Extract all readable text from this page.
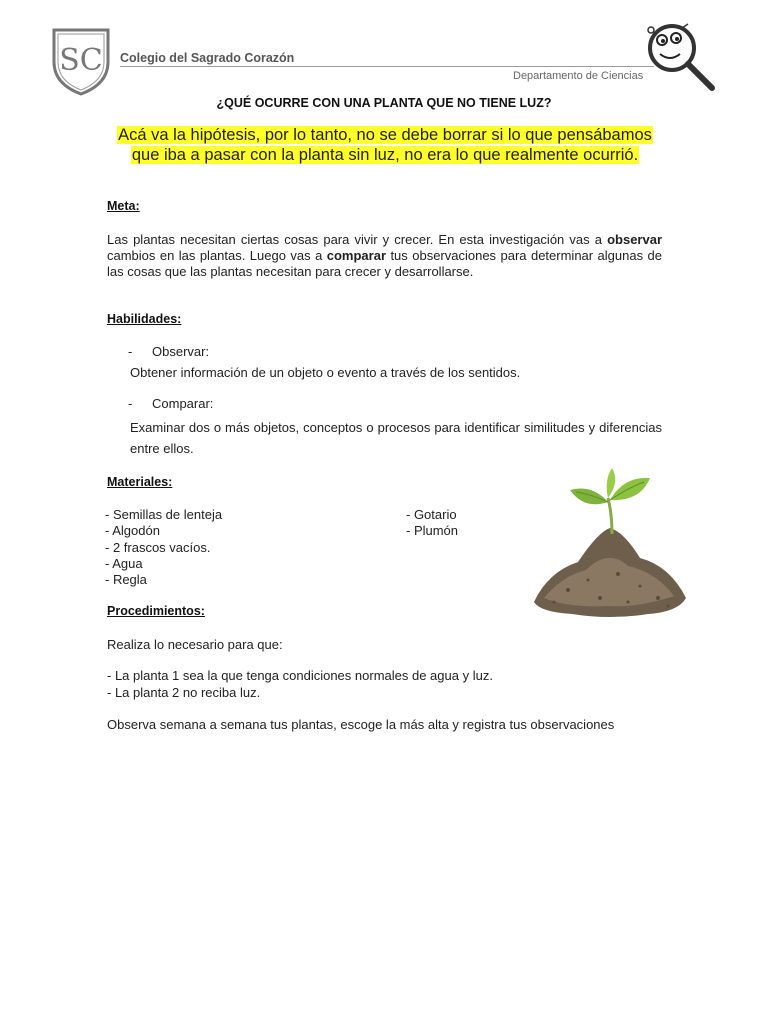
SC Colegio del Sagrado Corazón
Departamento de Ciencias
¿QUÉ OCURRE CON UNA PLANTA QUE NO TIENE LUZ?
Acá va la hipótesis, por lo tanto, no se debe borrar si lo que pensábamos que iba a pasar con la planta sin luz, no era lo que realmente ocurrió.
Meta:
Las plantas necesitan ciertas cosas para vivir y crecer. En esta investigación vas a observar cambios en las plantas. Luego vas a comparar tus observaciones para determinar algunas de las cosas que las plantas necesitan para crecer y desarrollarse.
Habilidades:
- Observar:
Obtener información de un objeto o evento a través de los sentidos.
- Comparar:
Examinar dos o más objetos, conceptos o procesos para identificar similitudes y diferencias entre ellos.
Materiales:
- Semillas de lenteja
- Algodón
- 2 frascos vacíos.
- Agua
- Regla
- Gotario
- Plumón
Procedimientos:
Realiza lo necesario para que:
- La planta 1 sea la que tenga condiciones normales de agua y luz.
- La planta 2 no reciba luz.
Observa semana a semana tus plantas, escoge la más alta y registra tus observaciones
